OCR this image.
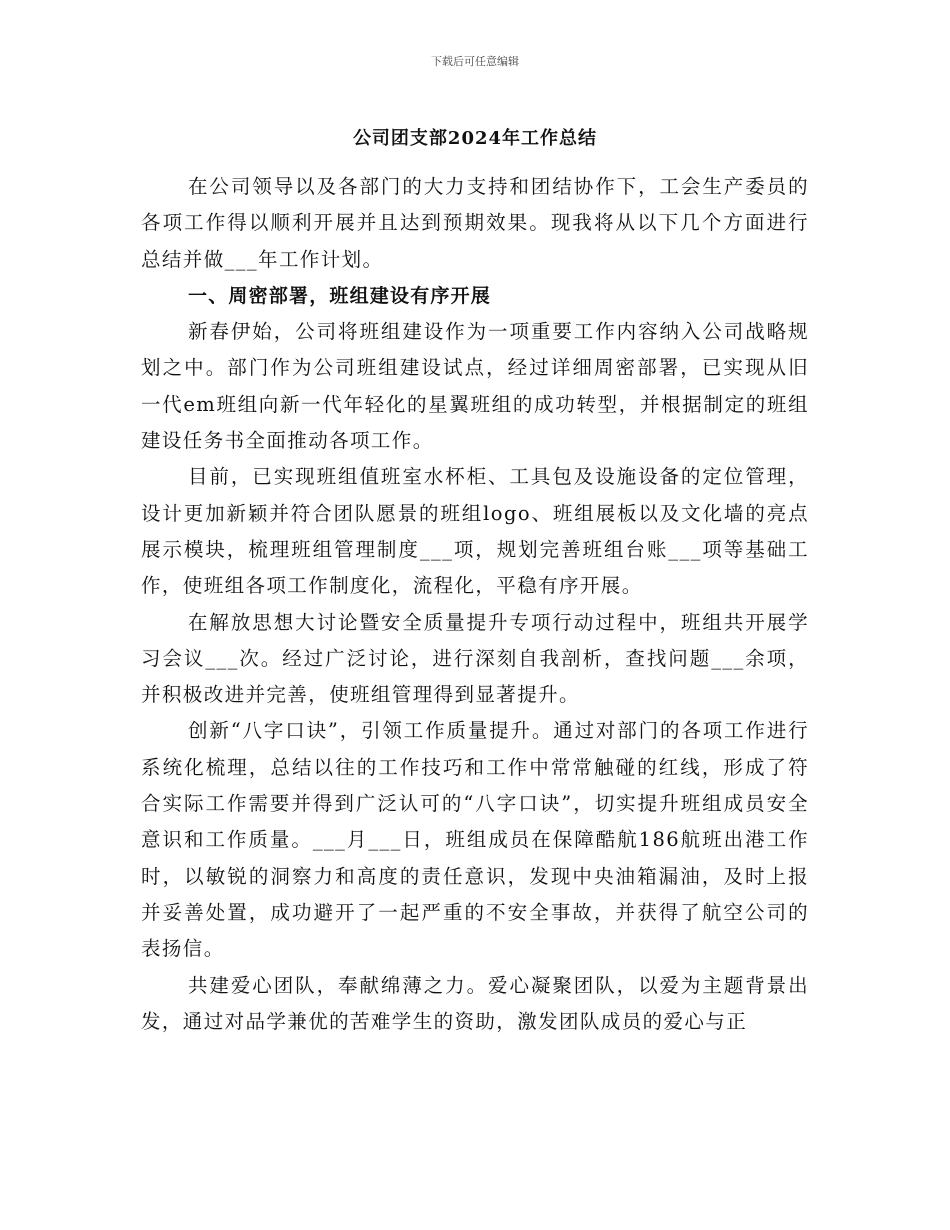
下载后可任意编辑
公司团支部2024年工作总结

在公司领导以及各部门的大力支持和团结协作下，工会生产委员的各项工作得以顺利开展并且达到预期效果。现我将从以下几个方面进行总结并做___年工作计划。

一、周密部署，班组建设有序开展

新春伊始，公司将班组建设作为一项重要工作内容纳入公司战略规划之中。部门作为公司班组建设试点，经过详细周密部署，已实现从旧一代em班组向新一代年轻化的星翼班组的成功转型，并根据制定的班组建设任务书全面推动各项工作。

目前，已实现班组值班室水杯柜、工具包及设施设备的定位管理，设计更加新颖并符合团队愿景的班组logo、班组展板以及文化墙的亮点展示模块，梳理班组管理制度___项，规划完善班组台账___项等基础工作，使班组各项工作制度化，流程化，平稳有序开展。

在解放思想大讨论暨安全质量提升专项行动过程中，班组共开展学习会议___次。经过广泛讨论，进行深刻自我剖析，查找问题___余项，并积极改进并完善，使班组管理得到显著提升。

创新“八字口诀”，引领工作质量提升。通过对部门的各项工作进行系统化梳理，总结以往的工作技巧和工作中常常触碰的红线，形成了符合实际工作需要并得到广泛认可的“八字口诀”，切实提升班组成员安全意识和工作质量。___月___日，班组成员在保障酷航186航班出港工作时，以敏锐的洞察力和高度的责任意识，发现中央油箱漏油，及时上报并妥善处置，成功避开了一起严重的不安全事故，并获得了航空公司的表扬信。

共建爱心团队，奉献绵薄之力。爱心凝聚团队，以爱为主题背景出发，通过对品学兼优的苦难学生的资助，激发团队成员的爱心与正
